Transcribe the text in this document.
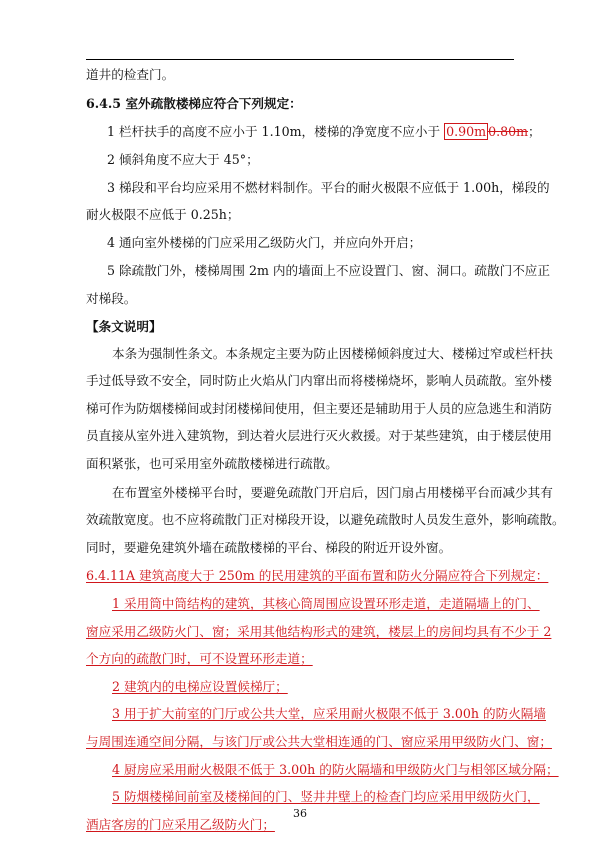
道井的检查门。
6.4.5 室外疏散楼梯应符合下列规定：
1 栏杆扶手的高度不应小于 1.10m，楼梯的净宽度不应小于 0.90m 0.80m；
2 倾斜角度不应大于 45°；
3 梯段和平台均应采用不燃材料制作。平台的耐火极限不应低于 1.00h，梯段的
耐火极限不应低于 0.25h；
4 通向室外楼梯的门应采用乙级防火门，并应向外开启；
5 除疏散门外，楼梯周围 2m 内的墙面上不应设置门、窗、洞口。疏散门不应正
对梯段。
【条文说明】
本条为强制性条文。本条规定主要为防止因楼梯倾斜度过大、楼梯过窄或栏杆扶
手过低导致不安全，同时防止火焰从门内窜出而将楼梯烧坏，影响人员疏散。室外楼
梯可作为防烟楼梯间或封闭楼梯间使用，但主要还是辅助用于人员的应急逃生和消防
员直接从室外进入建筑物，到达着火层进行灭火救援。对于某些建筑，由于楼层使用
面积紧张，也可采用室外疏散楼梯进行疏散。
在布置室外楼梯平台时，要避免疏散门开启后，因门扇占用楼梯平台而减少其有
效疏散宽度。也不应将疏散门正对梯段开设，以避免疏散时人员发生意外，影响疏散。
同时，要避免建筑外墙在疏散楼梯的平台、梯段的附近开设外窗。
6.4.11A 建筑高度大于 250m 的民用建筑的平面布置和防火分隔应符合下列规定：
1 采用筒中筒结构的建筑，其核心筒周围应设置环形走道，走道隔墙上的门、
窗应采用乙级防火门、窗；采用其他结构形式的建筑，楼层上的房间均具有不少于 2
个方向的疏散门时，可不设置环形走道；
2 建筑内的电梯应设置候梯厅；
3 用于扩大前室的门厅或公共大堂，应采用耐火极限不低于 3.00h 的防火隔墙
与周围连通空间分隔，与该门厅或公共大堂相连通的门、窗应采用甲级防火门、窗；
4 厨房应采用耐火极限不低于 3.00h 的防火隔墙和甲级防火门与相邻区域分隔；
5 防烟楼梯间前室及楼梯间的门、竖井井壁上的检查门均应采用甲级防火门，
酒店客房的门应采用乙级防火门；
36
